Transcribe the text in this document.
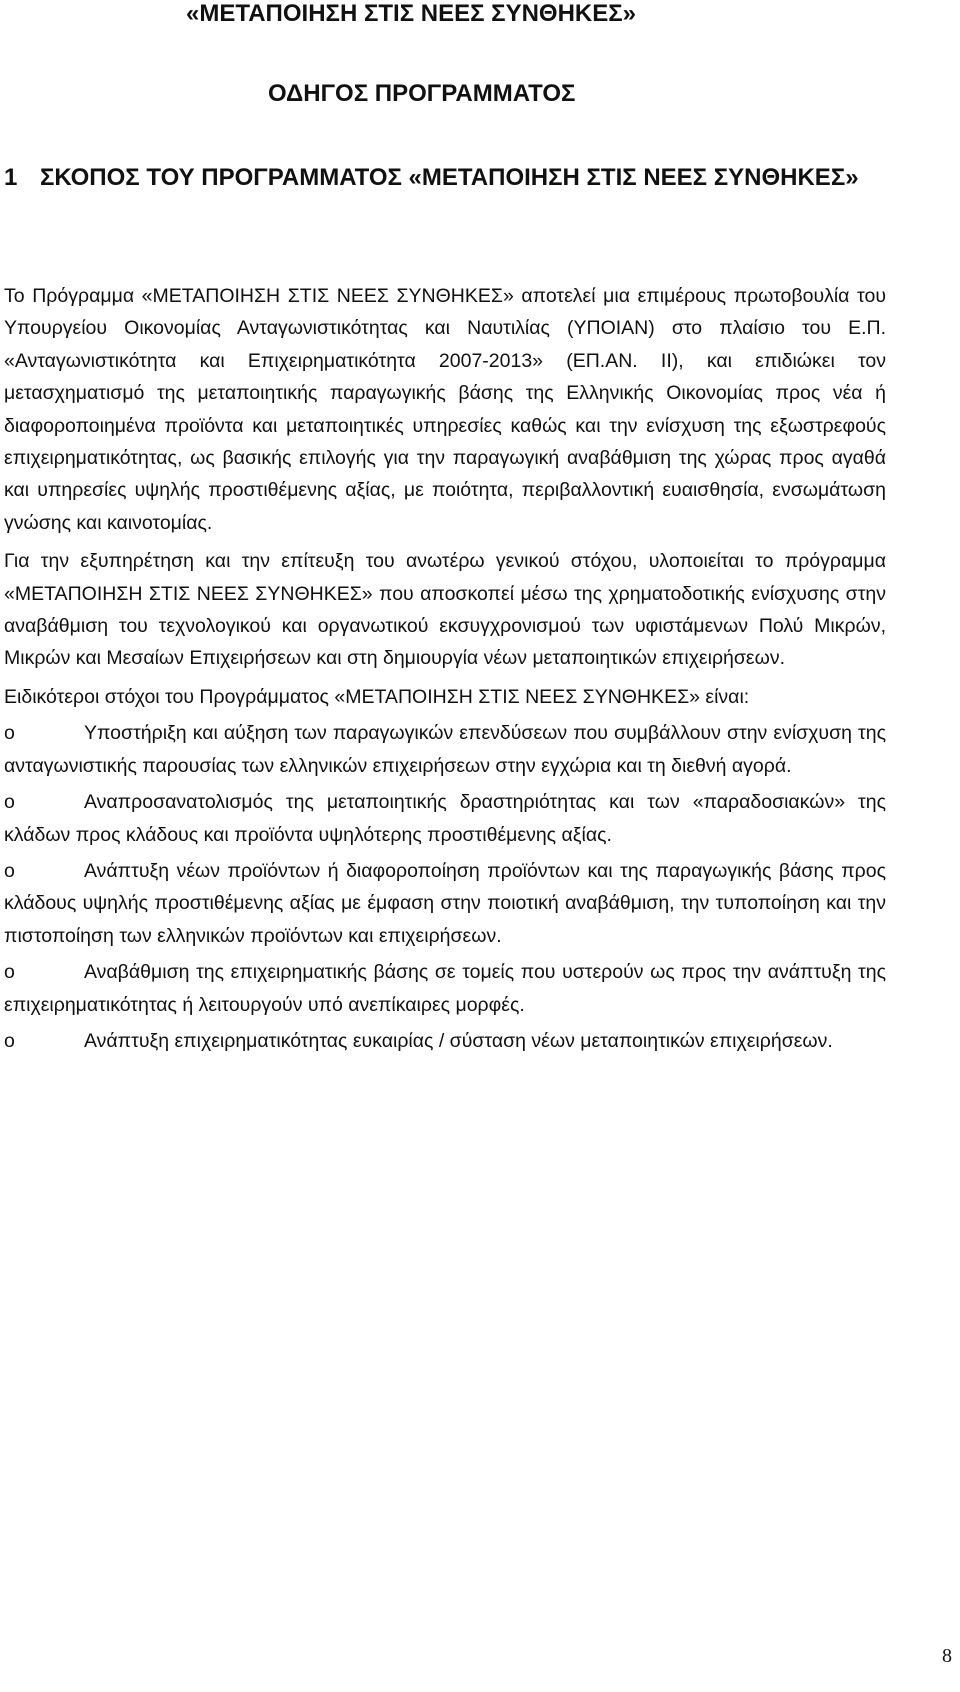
«ΜΕΤΑΠΟΙΗΣΗ ΣΤΙΣ ΝΕΕΣ ΣΥΝΘΗΚΕΣ»
ΟΔΗΓΟΣ ΠΡΟΓΡΑΜΜΑΤΟΣ
1 ΣΚΟΠΟΣ ΤΟΥ ΠΡΟΓΡΑΜΜΑΤΟΣ «ΜΕΤΑΠΟΙΗΣΗ ΣΤΙΣ ΝΕΕΣ ΣΥΝΘΗΚΕΣ»

Το Πρόγραμμα «ΜΕΤΑΠΟΙΗΣΗ ΣΤΙΣ ΝΕΕΣ ΣΥΝΘΗΚΕΣ» αποτελεί μια επιμέρους πρωτοβουλία του Υπουργείου Οικονομίας Ανταγωνιστικότητας και Ναυτιλίας (ΥΠΟΙΑΝ) στο πλαίσιο του Ε.Π. «Ανταγωνιστικότητα και Επιχειρηματικότητα 2007-2013» (ΕΠ.ΑΝ. ΙΙ), και επιδιώκει τον μετασχηματισμό της μεταποιητικής παραγωγικής βάσης της Ελληνικής Οικονομίας προς νέα ή διαφοροποιημένα προϊόντα και μεταποιητικές υπηρεσίες καθώς και την ενίσχυση της εξωστρεφούς επιχειρηματικότητας, ως βασικής επιλογής για την παραγωγική αναβάθμιση της χώρας προς αγαθά και υπηρεσίες υψηλής προστιθέμενης αξίας, με ποιότητα, περιβαλλοντική ευαισθησία, ενσωμάτωση γνώσης και καινοτομίας.

Για την εξυπηρέτηση και την επίτευξη του ανωτέρω γενικού στόχου, υλοποιείται το πρόγραμμα «ΜΕΤΑΠΟΙΗΣΗ ΣΤΙΣ ΝΕΕΣ ΣΥΝΘΗΚΕΣ» που αποσκοπεί μέσω της χρηματοδοτικής ενίσχυσης στην αναβάθμιση του τεχνολογικού και οργανωτικού εκσυγχρονισμού των υφιστάμενων Πολύ Μικρών, Μικρών και Μεσαίων Επιχειρήσεων και στη δημιουργία νέων μεταποιητικών επιχειρήσεων.

Ειδικότεροι στόχοι του Προγράμματος «ΜΕΤΑΠΟΙΗΣΗ ΣΤΙΣ ΝΕΕΣ ΣΥΝΘΗΚΕΣ» είναι:

o	Υποστήριξη και αύξηση των παραγωγικών επενδύσεων που συμβάλλουν στην ενίσχυση της ανταγωνιστικής παρουσίας των ελληνικών επιχειρήσεων στην εγχώρια και τη διεθνή αγορά.

o	Αναπροσανατολισμός της μεταποιητικής δραστηριότητας και των «παραδοσιακών» της κλάδων προς κλάδους και προϊόντα υψηλότερης προστιθέμενης αξίας.

o	Ανάπτυξη νέων προϊόντων ή διαφοροποίηση προϊόντων και της παραγωγικής βάσης προς κλάδους υψηλής προστιθέμενης αξίας με έμφαση στην ποιοτική αναβάθμιση, την τυποποίηση και την πιστοποίηση των ελληνικών προϊόντων και επιχειρήσεων.

o	Αναβάθμιση της επιχειρηματικής βάσης σε τομείς που υστερούν ως προς την ανάπτυξη της επιχειρηματικότητας ή λειτουργούν υπό ανεπίκαιρες μορφές.

o	Ανάπτυξη επιχειρηματικότητας ευκαιρίας / σύσταση νέων μεταποιητικών επιχειρήσεων.

8
